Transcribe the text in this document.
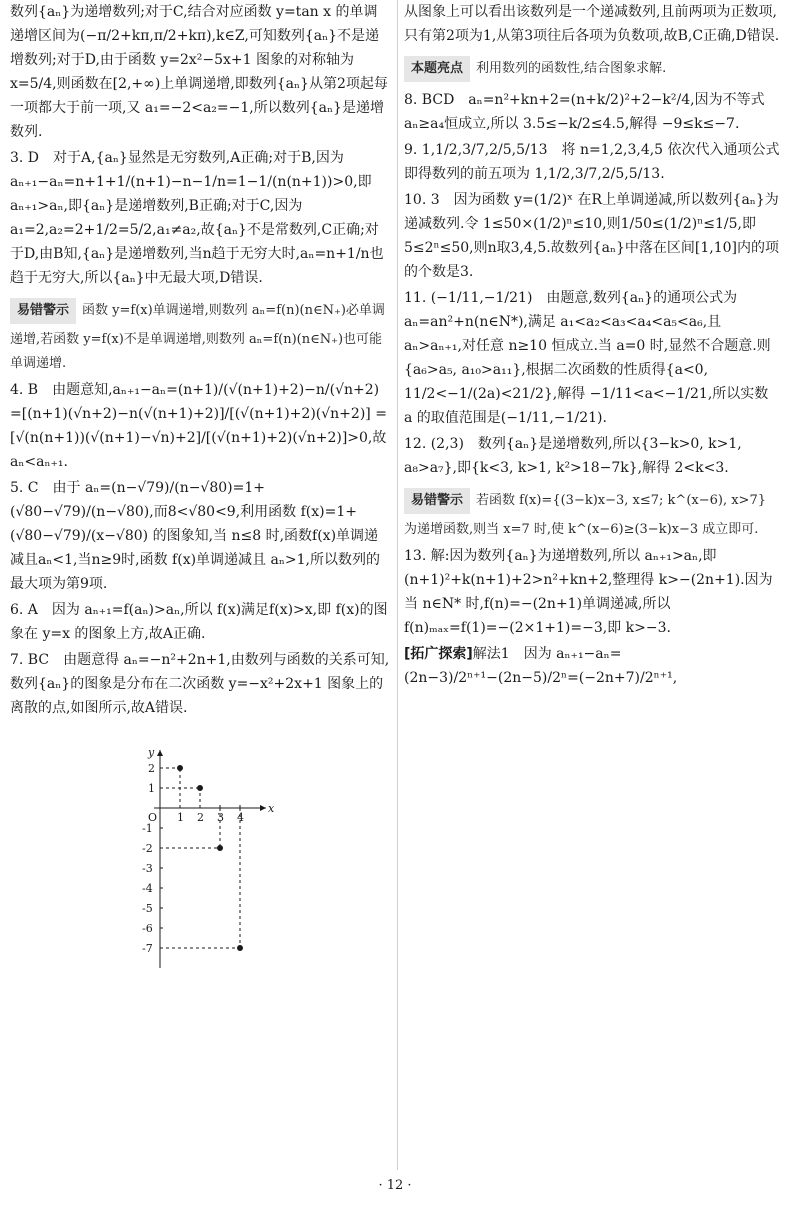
数列{aₙ}为递增数列;对于C,结合对应函数 y=tan x 的单调递增区间为(−π/2+kπ,π/2+kπ),k∈Z,可知数列{aₙ}不是递增数列;对于D,由于函数 y=2x²−5x+1 图象的对称轴为 x=5/4,则函数在[2,+∞)上单调递增,即数列{aₙ}从第2项起每一项都大于前一项,又 a₁=−2<a₂=−1,所以数列{aₙ}是递增数列.

3. D　对于A,{aₙ}显然是无穷数列,A正确;对于B,因为 aₙ₊₁−aₙ=n+1+1/(n+1)−n−1/n=1−1/(n(n+1))>0,即 aₙ₊₁>aₙ,即{aₙ}是递增数列,B正确;对于C,因为 a₁=2,a₂=2+1/2=5/2,a₁≠a₂,故{aₙ}不是常数列,C正确;对于D,由B知,{aₙ}是递增数列,当n趋于无穷大时,aₙ=n+1/n也趋于无穷大,所以{aₙ}中无最大项,D错误.

易错警示 函数 y=f(x)单调递增,则数列 aₙ=f(n)(n∈N₊)必单调递增,若函数 y=f(x)不是单调递增,则数列 aₙ=f(n)(n∈N₊)也可能单调递增.

4. B　由题意知,aₙ₊₁−aₙ=(n+1)/(√(n+1)+2)−n/(√n+2) =[(n+1)(√n+2)−n(√(n+1)+2)]/[(√(n+1)+2)(√n+2)] =[√(n(n+1))(√(n+1)−√n)+2]/[(√(n+1)+2)(√n+2)]>0,故 aₙ<aₙ₊₁.

5. C　由于 aₙ=(n−√79)/(n−√80)=1+(√80−√79)/(n−√80),而8<√80<9,利用函数 f(x)=1+(√80−√79)/(x−√80) 的图象知,当 n≤8 时,函数f(x)单调递减且aₙ<1,当n≥9时,函数 f(x)单调递减且 aₙ>1,所以数列的最大项为第9项.

6. A　因为 aₙ₊₁=f(aₙ)>aₙ,所以 f(x)满足f(x)>x,即 f(x)的图象在 y=x 的图象上方,故A正确.

7. BC　由题意得 aₙ=−n²+2n+1,由数列与函数的关系可知,数列{aₙ}的图象是分布在二次函数 y=−x²+2x+1 图象上的离散的点,如图所示,故A错误.

x
y
O 1 2 3 4
2
1
-1
-2
-3
-4
-5
-6
-7

从图象上可以看出该数列是一个递减数列,且前两项为正数项,只有第2项为1,从第3项往后各项为负数项,故B,C正确,D错误.

本题亮点 利用数列的函数性,结合图象求解.

8. BCD　aₙ=n²+kn+2=(n+k/2)²+2−k²/4,因为不等式aₙ≥a₄恒成立,所以 3.5≤−k/2≤4.5,解得 −9≤k≤−7.

9. 1,1/2,3/7,2/5,5/13　将 n=1,2,3,4,5 依次代入通项公式即得数列的前五项为 1,1/2,3/7,2/5,5/13.

10. 3　因为函数 y=(1/2)ˣ 在R上单调递减,所以数列{aₙ}为递减数列.令 1≤50×(1/2)ⁿ≤10,则1/50≤(1/2)ⁿ≤1/5,即 5≤2ⁿ≤50,则n取3,4,5.故数列{aₙ}中落在区间[1,10]内的项的个数是3.

11. (−1/11,−1/21)　由题意,数列{aₙ}的通项公式为aₙ=an²+n(n∈N*),满足 a₁<a₂<a₃<a₄<a₅<a₆,且 aₙ>aₙ₊₁,对任意 n≥10 恒成立.当 a=0 时,显然不合题意.则{a₆>a₅, a₁₀>a₁₁},根据二次函数的性质得{a<0, 11/2<−1/(2a)<21/2},解得 −1/11<a<−1/21,所以实数 a 的取值范围是(−1/11,−1/21).

12. (2,3)　数列{aₙ}是递增数列,所以{3−k>0, k>1, a₈>a₇},即{k<3, k>1, k²>18−7k},解得 2<k<3.

易错警示 若函数 f(x)={(3−k)x−3, x≤7; k^(x−6), x>7} 为递增函数,则当 x=7 时,使 k^(x−6)≥(3−k)x−3 成立即可.

13. 解:因为数列{aₙ}为递增数列,所以 aₙ₊₁>aₙ,即(n+1)²+k(n+1)+2>n²+kn+2,整理得 k>−(2n+1).因为当 n∈N* 时,f(n)=−(2n+1)单调递减,所以 f(n)ₘₐₓ=f(1)=−(2×1+1)=−3,即 k>−3.

[拓广探索]解法1　因为 aₙ₊₁−aₙ=(2n−3)/2ⁿ⁺¹−(2n−5)/2ⁿ=(−2n+7)/2ⁿ⁺¹,
· 12 ·
